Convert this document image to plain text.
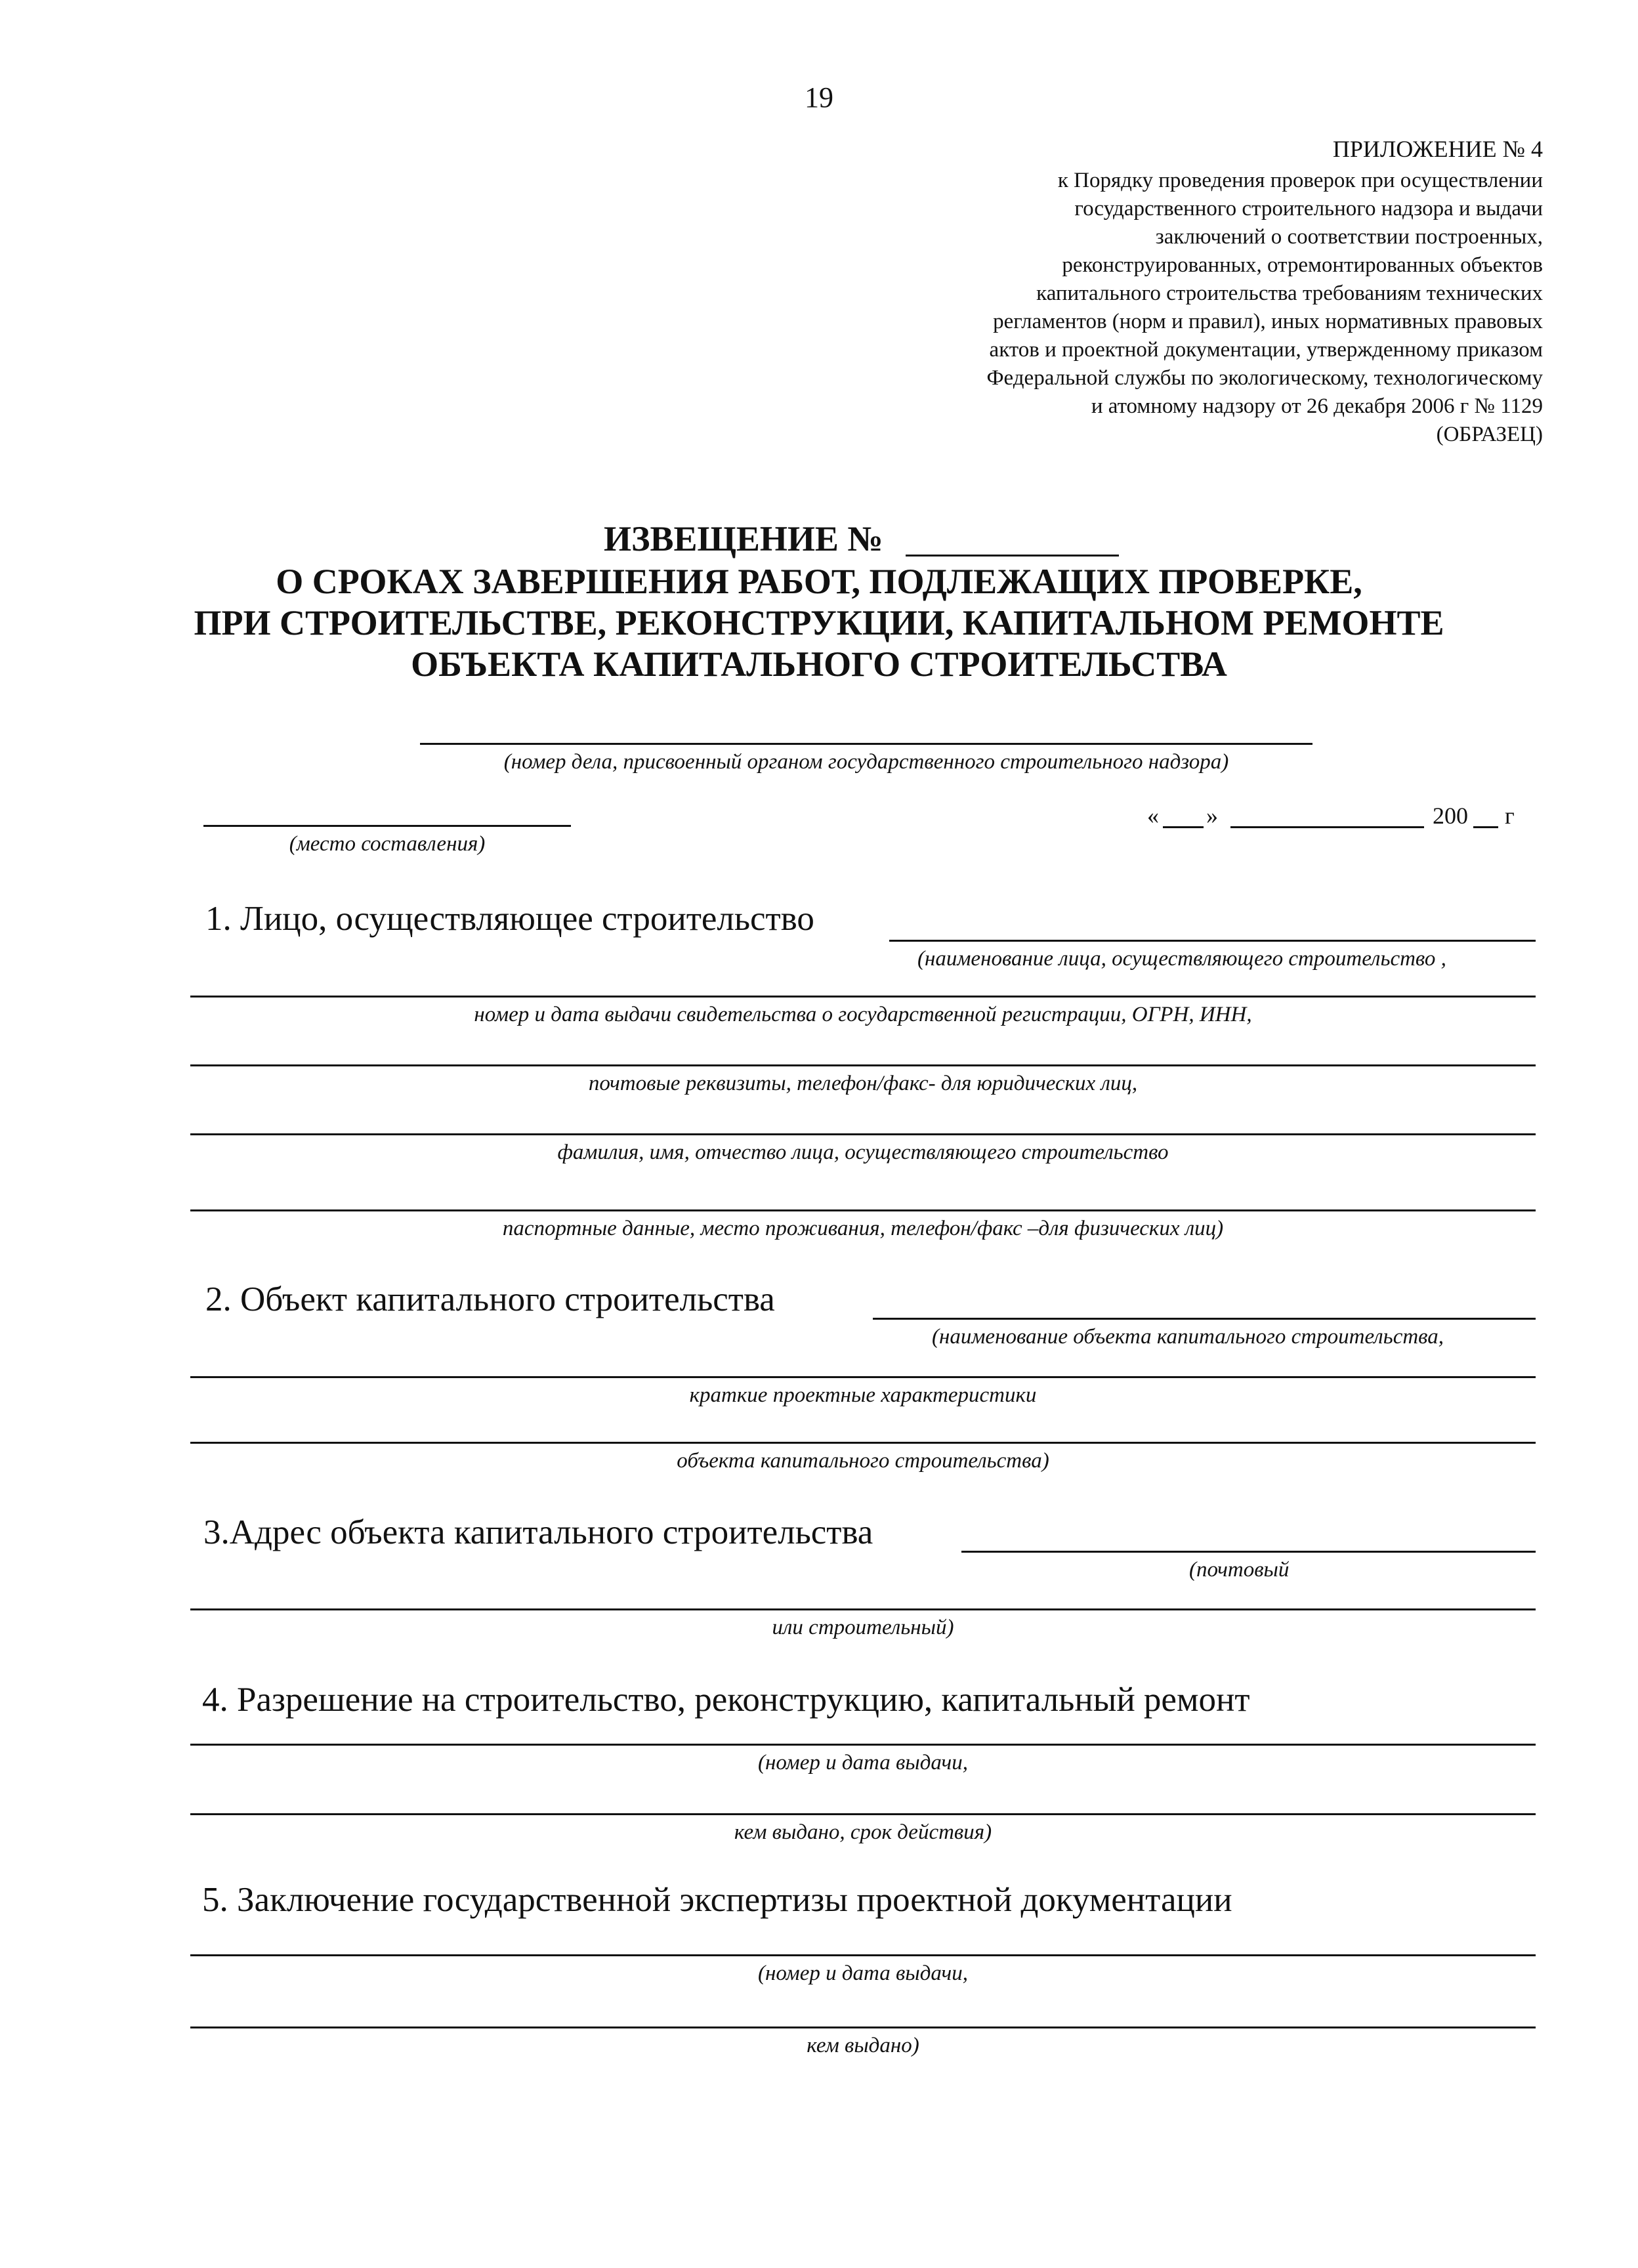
19
ПРИЛОЖЕНИЕ № 4
к Порядку проведения проверок при осуществлении
государственного строительного надзора и выдачи
заключений о соответствии построенных,
реконструированных, отремонтированных объектов
капитального строительства требованиям технических
регламентов (норм и правил), иных нормативных правовых
актов и проектной документации, утвержденному приказом
Федеральной службы по экологическому, технологическому
и атомному надзору от 26 декабря 2006 г № 1129
(ОБРАЗЕЦ)
ИЗВЕЩЕНИЕ №
О СРОКАХ ЗАВЕРШЕНИЯ РАБОТ, ПОДЛЕЖАЩИХ ПРОВЕРКЕ,
ПРИ СТРОИТЕЛЬСТВЕ, РЕКОНСТРУКЦИИ, КАПИТАЛЬНОМ РЕМОНТЕ
ОБЪЕКТА КАПИТАЛЬНОГО СТРОИТЕЛЬСТВА
(номер дела, присвоенный органом государственного строительного надзора)
(место составления)
« »	200 г
1. Лицо, осуществляющее строительство
(наименование лица, осуществляющего строительство ,
номер и дата выдачи свидетельства о государственной регистрации, ОГРН, ИНН,
почтовые реквизиты, телефон/факс- для юридических лиц,
фамилия, имя, отчество лица, осуществляющего строительство
паспортные данные, место проживания, телефон/факс –для физических лиц)
2. Объект капитального строительства
(наименование объекта капитального строительства,
краткие проектные характеристики
объекта капитального строительства)
3.Адрес объекта капитального строительства
(почтовый
или строительный)
4. Разрешение на строительство, реконструкцию, капитальный ремонт
(номер и дата выдачи,
кем выдано, срок действия)
5. Заключение государственной экспертизы проектной документации
(номер и дата выдачи,
кем выдано)
